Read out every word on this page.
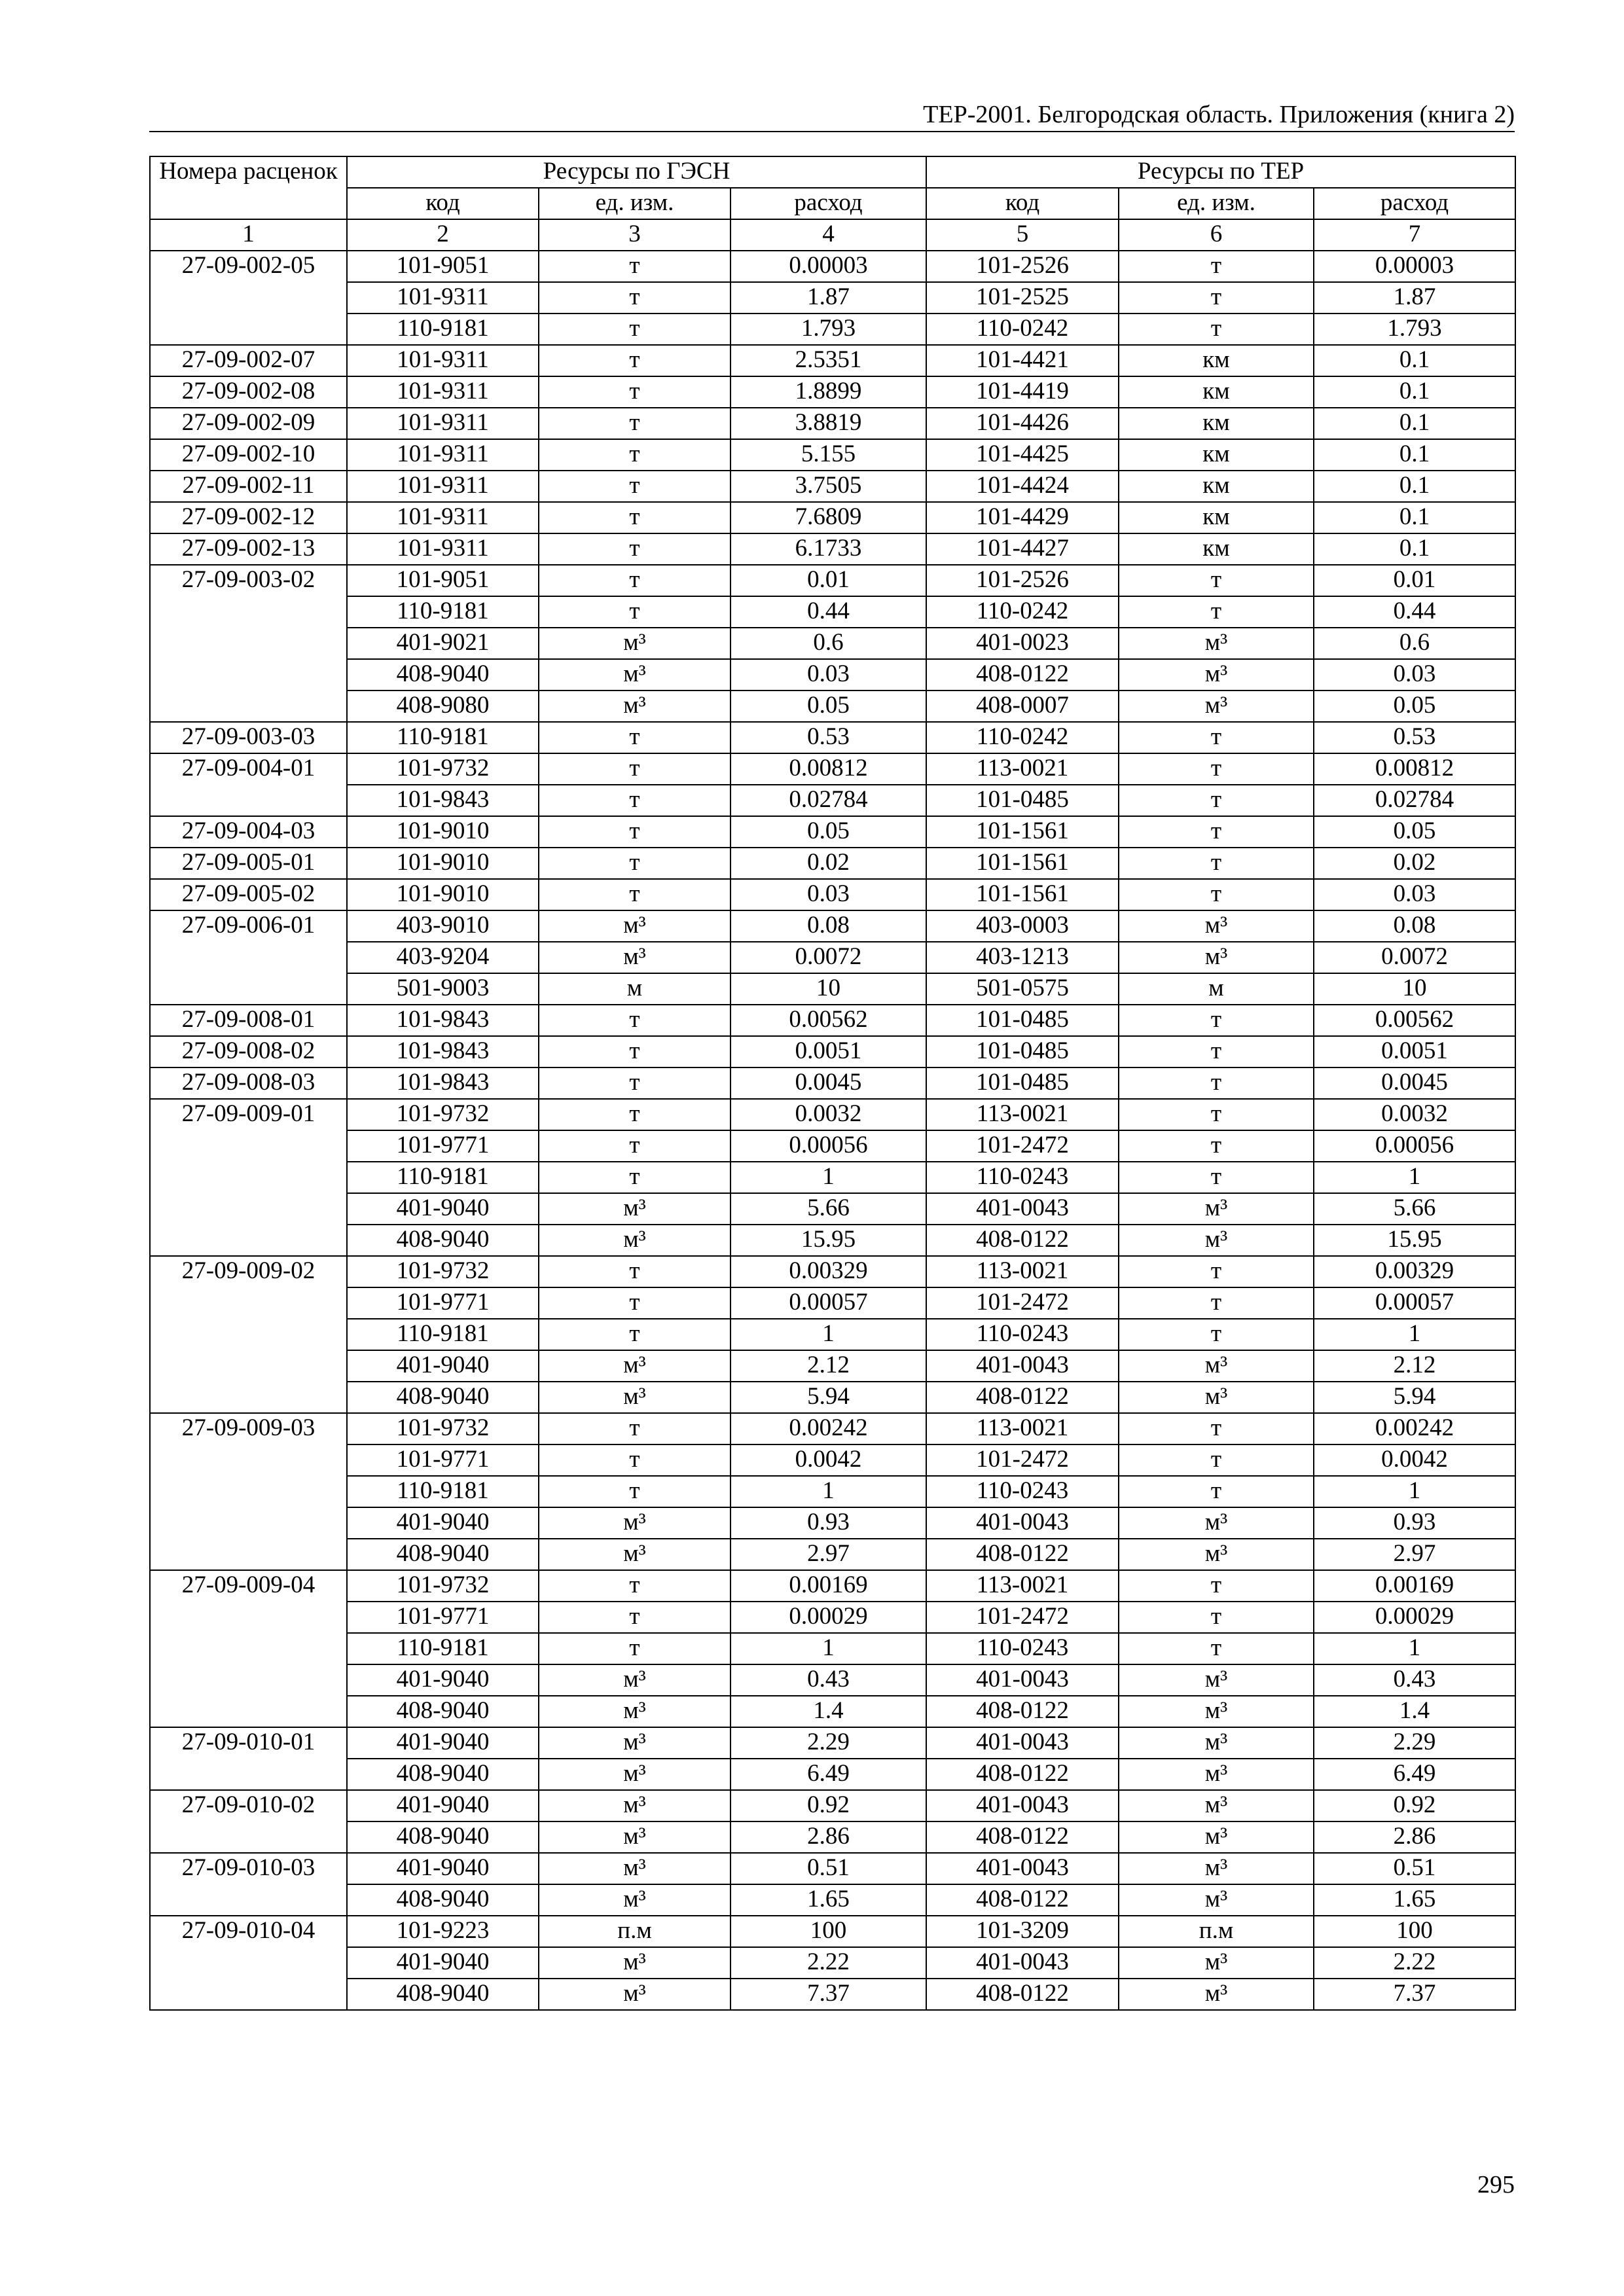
ТЕР-2001. Белгородская область. Приложения (книга 2)
Номера расценок	Ресурсы по ГЭСН			Ресурсы по ТЕР		
	код	ед. изм.	расход	код	ед. изм.	расход
1	2	3	4	5	6	7
27-09-002-05	101-9051	т	0.00003	101-2526	т	0.00003
	101-9311	т	1.87	101-2525	т	1.87
	110-9181	т	1.793	110-0242	т	1.793
27-09-002-07	101-9311	т	2.5351	101-4421	км	0.1
27-09-002-08	101-9311	т	1.8899	101-4419	км	0.1
27-09-002-09	101-9311	т	3.8819	101-4426	км	0.1
27-09-002-10	101-9311	т	5.155	101-4425	км	0.1
27-09-002-11	101-9311	т	3.7505	101-4424	км	0.1
27-09-002-12	101-9311	т	7.6809	101-4429	км	0.1
27-09-002-13	101-9311	т	6.1733	101-4427	км	0.1
27-09-003-02	101-9051	т	0.01	101-2526	т	0.01
	110-9181	т	0.44	110-0242	т	0.44
	401-9021	м³	0.6	401-0023	м³	0.6
	408-9040	м³	0.03	408-0122	м³	0.03
	408-9080	м³	0.05	408-0007	м³	0.05
27-09-003-03	110-9181	т	0.53	110-0242	т	0.53
27-09-004-01	101-9732	т	0.00812	113-0021	т	0.00812
	101-9843	т	0.02784	101-0485	т	0.02784
27-09-004-03	101-9010	т	0.05	101-1561	т	0.05
27-09-005-01	101-9010	т	0.02	101-1561	т	0.02
27-09-005-02	101-9010	т	0.03	101-1561	т	0.03
27-09-006-01	403-9010	м³	0.08	403-0003	м³	0.08
	403-9204	м³	0.0072	403-1213	м³	0.0072
	501-9003	м	10	501-0575	м	10
27-09-008-01	101-9843	т	0.00562	101-0485	т	0.00562
27-09-008-02	101-9843	т	0.0051	101-0485	т	0.0051
27-09-008-03	101-9843	т	0.0045	101-0485	т	0.0045
27-09-009-01	101-9732	т	0.0032	113-0021	т	0.0032
	101-9771	т	0.00056	101-2472	т	0.00056
	110-9181	т	1	110-0243	т	1
	401-9040	м³	5.66	401-0043	м³	5.66
	408-9040	м³	15.95	408-0122	м³	15.95
27-09-009-02	101-9732	т	0.00329	113-0021	т	0.00329
	101-9771	т	0.00057	101-2472	т	0.00057
	110-9181	т	1	110-0243	т	1
	401-9040	м³	2.12	401-0043	м³	2.12
	408-9040	м³	5.94	408-0122	м³	5.94
27-09-009-03	101-9732	т	0.00242	113-0021	т	0.00242
	101-9771	т	0.0042	101-2472	т	0.0042
	110-9181	т	1	110-0243	т	1
	401-9040	м³	0.93	401-0043	м³	0.93
	408-9040	м³	2.97	408-0122	м³	2.97
27-09-009-04	101-9732	т	0.00169	113-0021	т	0.00169
	101-9771	т	0.00029	101-2472	т	0.00029
	110-9181	т	1	110-0243	т	1
	401-9040	м³	0.43	401-0043	м³	0.43
	408-9040	м³	1.4	408-0122	м³	1.4
27-09-010-01	401-9040	м³	2.29	401-0043	м³	2.29
	408-9040	м³	6.49	408-0122	м³	6.49
27-09-010-02	401-9040	м³	0.92	401-0043	м³	0.92
	408-9040	м³	2.86	408-0122	м³	2.86
27-09-010-03	401-9040	м³	0.51	401-0043	м³	0.51
	408-9040	м³	1.65	408-0122	м³	1.65
27-09-010-04	101-9223	п.м	100	101-3209	п.м	100
	401-9040	м³	2.22	401-0043	м³	2.22
	408-9040	м³	7.37	408-0122	м³	7.37
295
